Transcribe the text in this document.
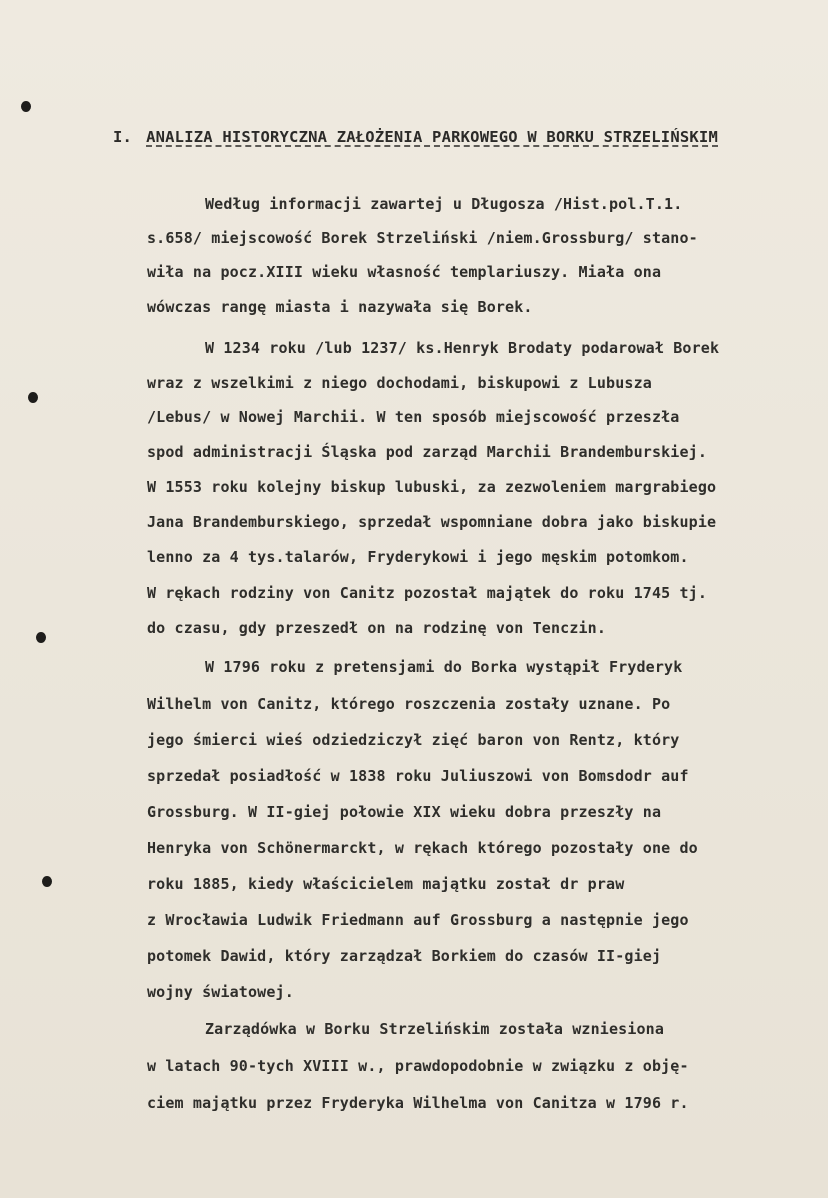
I. ANALIZA HISTORYCZNA ZAŁOŻENIA PARKOWEGO W BORKU STRZELIŃSKIM
Według informacji zawartej u Długosza /Hist.pol.T.1.
s.658/ miejscowość Borek Strzeliński /niem.Grossburg/ stano-
wiła na pocz.XIII wieku własność templariuszy. Miała ona
wówczas rangę miasta i nazywała się Borek.
W 1234 roku /lub 1237/ ks.Henryk Brodaty podarował Borek
wraz z wszelkimi z niego dochodami, biskupowi z Lubusza
/Lebus/ w Nowej Marchii. W ten sposób miejscowość przeszła
spod administracji Śląska pod zarząd Marchii Brandemburskiej.
W 1553 roku kolejny biskup lubuski, za zezwoleniem margrabiego
Jana Brandemburskiego, sprzedał wspomniane dobra jako biskupie
lenno za 4 tys.talarów, Fryderykowi i jego męskim potomkom.
W rękach rodziny von Canitz pozostał majątek do roku 1745 tj.
do czasu, gdy przeszedł on na rodzinę von Tenczin.
W 1796 roku z pretensjami do Borka wystąpił Fryderyk
Wilhelm von Canitz, którego roszczenia zostały uznane. Po
jego śmierci wieś odziedziczył zięć baron von Rentz, który
sprzedał posiadłość w 1838 roku Juliuszowi von Bomsdodr auf
Grossburg. W II-giej połowie XIX wieku dobra przeszły na
Henryka von Schönermarckt, w rękach którego pozostały one do
roku 1885, kiedy właścicielem majątku został dr praw
z Wrocławia Ludwik Friedmann auf Grossburg a następnie jego
potomek Dawid, który zarządzał Borkiem do czasów II-giej
wojny światowej.
Zarządówka w Borku Strzelińskim została wzniesiona
w latach 90-tych XVIII w., prawdopodobnie w związku z obję-
ciem majątku przez Fryderyka Wilhelma von Canitza w 1796 r.
